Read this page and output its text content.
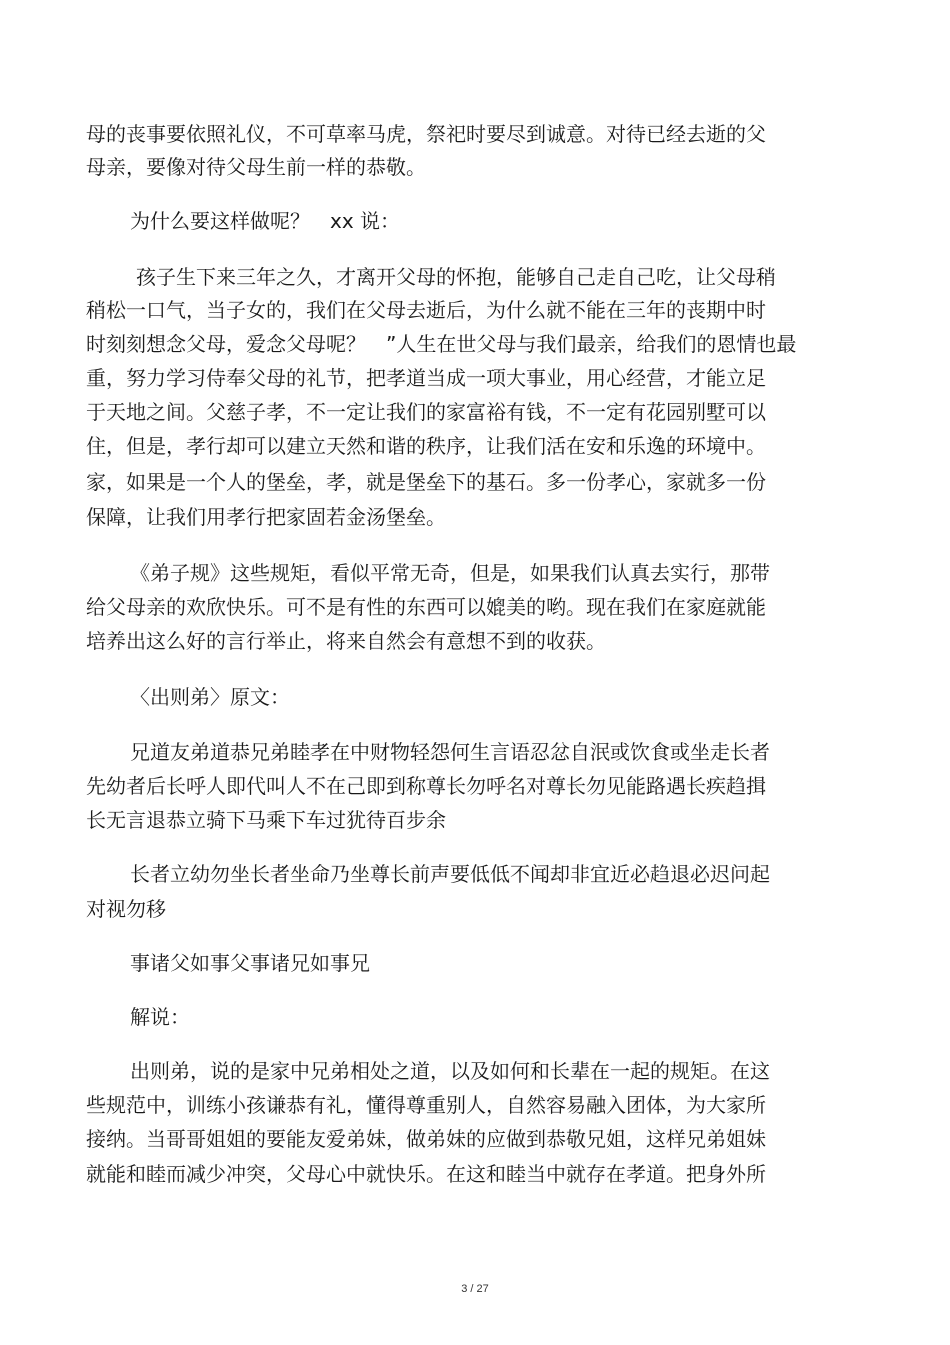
母的丧事要依照礼仪，不可草率马虎，祭祀时要尽到诚意。对待已经去逝的父
母亲，要像对待父母生前一样的恭敬。
为什么要这样做呢？　xx 说：
孩子生下来三年之久，才离开父母的怀抱，能够自己走自己吃，让父母稍
稍松一口气，当子女的，我们在父母去逝后，为什么就不能在三年的丧期中时
时刻刻想念父母，爱念父母呢？　”人生在世父母与我们最亲，给我们的恩情也最
重，努力学习侍奉父母的礼节，把孝道当成一项大事业，用心经营，才能立足
于天地之间。父慈子孝，不一定让我们的家富裕有钱，不一定有花园别墅可以
住，但是，孝行却可以建立天然和谐的秩序，让我们活在安和乐逸的环境中。
家，如果是一个人的堡垒，孝，就是堡垒下的基石。多一份孝心，家就多一份
保障，让我们用孝行把家固若金汤堡垒。
《弟子规》这些规矩，看似平常无奇，但是，如果我们认真去实行，那带
给父母亲的欢欣快乐。可不是有性的东西可以媲美的哟。现在我们在家庭就能
培养出这么好的言行举止，将来自然会有意想不到的收获。
〈出则弟〉原文：
兄道友弟道恭兄弟睦孝在中财物轻怨何生言语忍忿自泯或饮食或坐走长者
先幼者后长呼人即代叫人不在己即到称尊长勿呼名对尊长勿见能路遇长疾趋揖
长无言退恭立骑下马乘下车过犹待百步余
长者立幼勿坐长者坐命乃坐尊长前声要低低不闻却非宜近必趋退必迟问起
对视勿移
事诸父如事父事诸兄如事兄
解说：
出则弟，说的是家中兄弟相处之道，以及如何和长辈在一起的规矩。在这
些规范中，训练小孩谦恭有礼，懂得尊重别人，自然容易融入团体，为大家所
接纳。当哥哥姐姐的要能友爱弟妹，做弟妹的应做到恭敬兄姐，这样兄弟姐妹
就能和睦而减少冲突，父母心中就快乐。在这和睦当中就存在孝道。把身外所
3 / 27
